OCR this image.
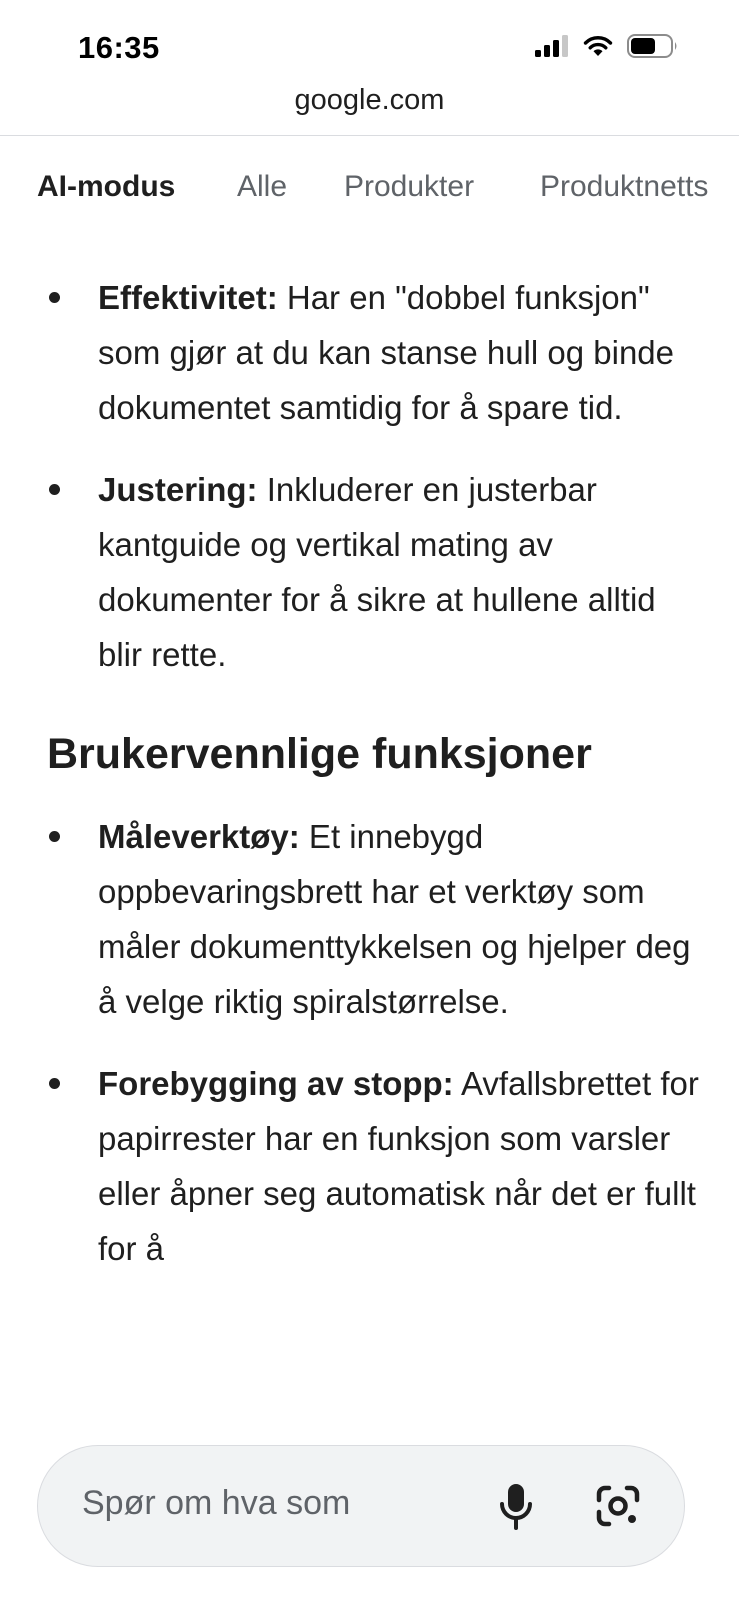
16:35
google.com
AI-modus Alle Produkter Produktnetts
Effektivitet: Har en "dobbel funksjon" som gjør at du kan stanse hull og binde dokumentet samtidig for å spare tid.
Justering: Inkluderer en justerbar kantguide og vertikal mating av dokumenter for å sikre at hullene alltid blir rette.
Brukervennlige funksjoner
Måleverktøy: Et innebygd oppbevaringsbrett har et verktøy som måler dokumenttykkelsen og hjelper deg å velge riktig spiralstørrelse.
Forebygging av stopp: Avfallsbrettet for papirrester har en funksjon som varsler eller åpner seg automatisk når det er fullt for å
Spør om hva som
